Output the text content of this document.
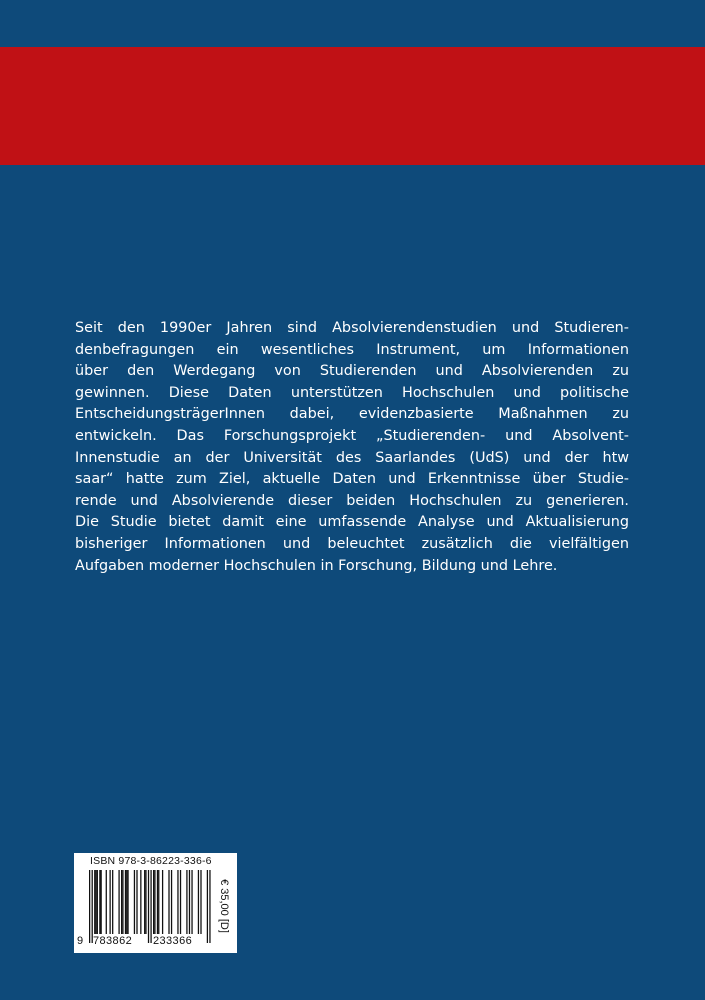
Seit den 1990er Jahren sind Absolvierendenstudien und Studieren-
denbefragungen ein wesentliches Instrument, um Informationen
über den Werdegang von Studierenden und Absolvierenden zu
gewinnen. Diese Daten unterstützen Hochschulen und politische
EntscheidungsträgerInnen dabei, evidenzbasierte Maßnahmen zu
entwickeln. Das Forschungsprojekt „Studierenden- und Absolvent-
Innenstudie an der Universität des Saarlandes (UdS) und der htw
saar“ hatte zum Ziel, aktuelle Daten und Erkenntnisse über Studie-
rende und Absolvierende dieser beiden Hochschulen zu generieren.
Die Studie bietet damit eine umfassende Analyse und Aktualisierung
bisheriger Informationen und beleuchtet zusätzlich die vielfältigen
Aufgaben moderner Hochschulen in Forschung, Bildung und Lehre.

ISBN 978-3-86223-336-6
€ 35,00 [D]
9 783862 233366
